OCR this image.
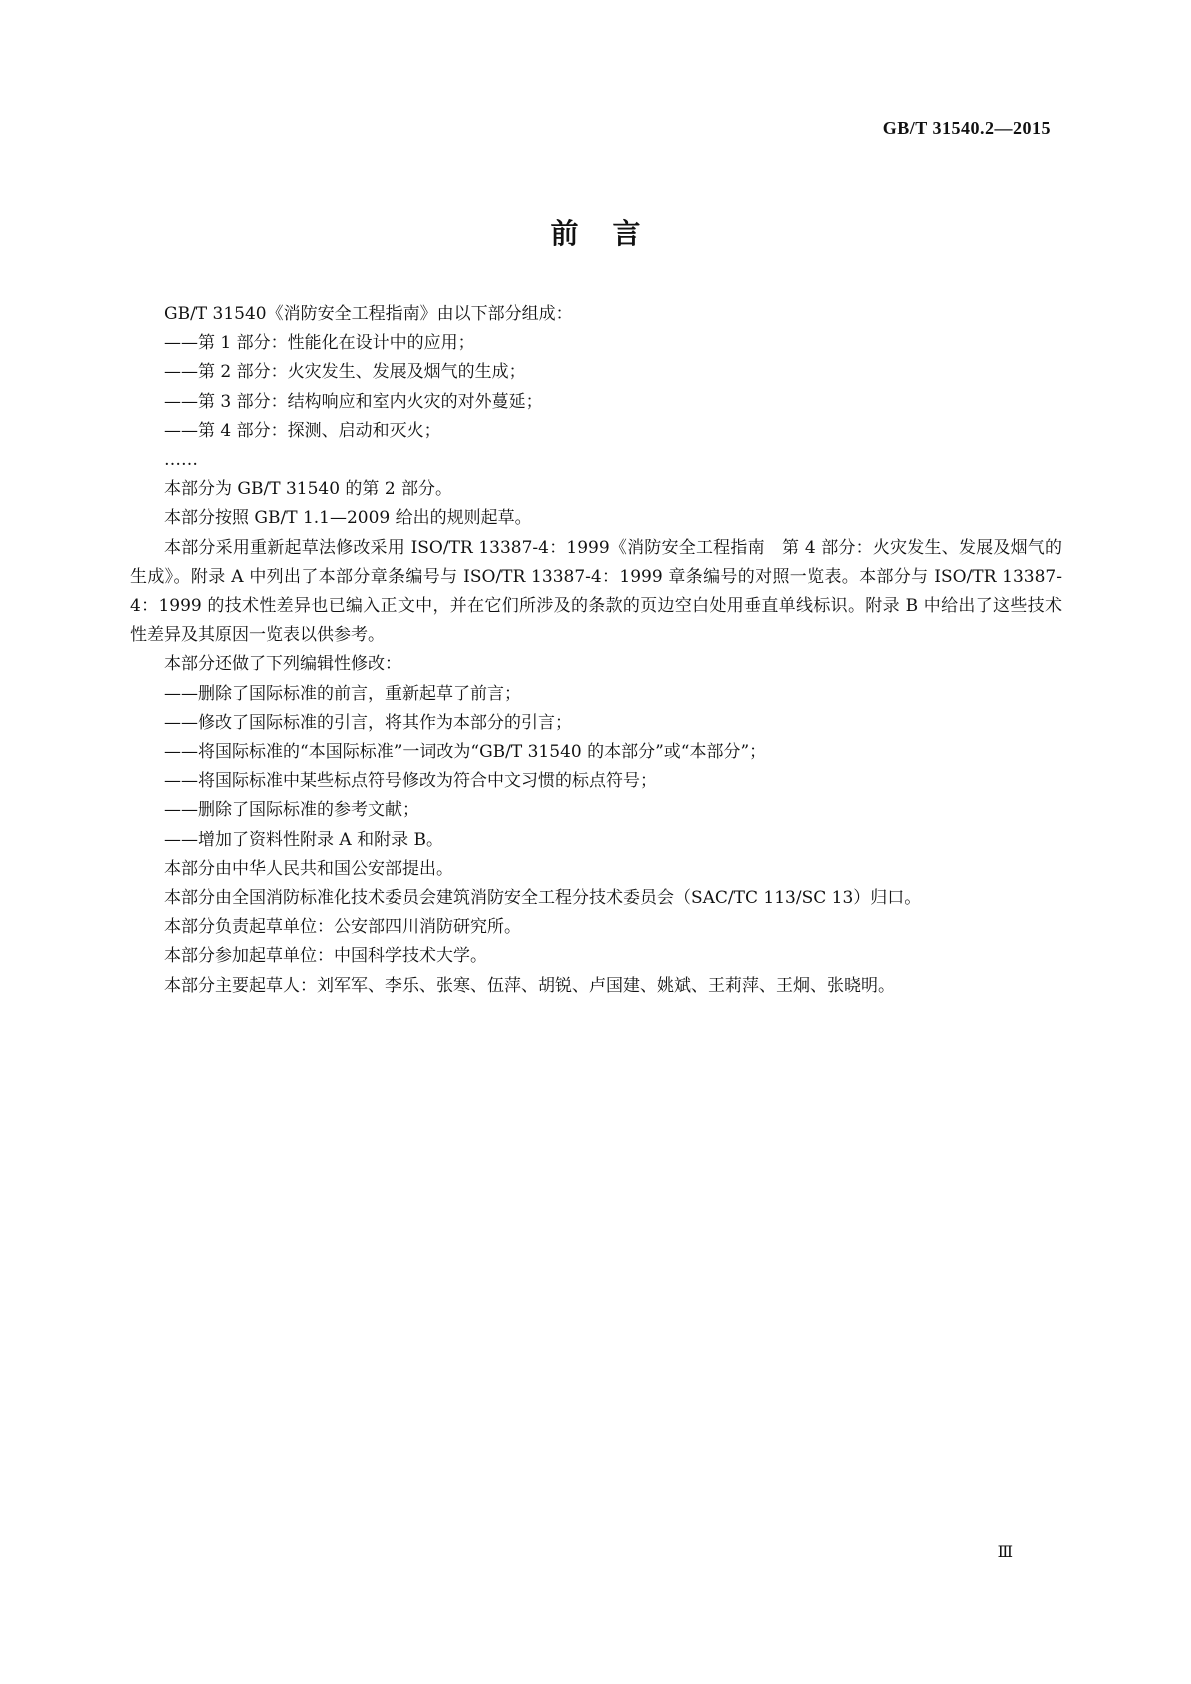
GB/T 31540.2—2015
前言

GB/T 31540《消防安全工程指南》由以下部分组成：

——第 1 部分：性能化在设计中的应用；

——第 2 部分：火灾发生、发展及烟气的生成；

——第 3 部分：结构响应和室内火灾的对外蔓延；

——第 4 部分：探测、启动和灭火；

……

本部分为 GB/T 31540 的第 2 部分。

本部分按照 GB/T 1.1—2009 给出的规则起草。

本部分采用重新起草法修改采用 ISO/TR 13387-4：1999《消防安全工程指南　第 4 部分：火灾发生、发展及烟气的生成》。附录 A 中列出了本部分章条编号与 ISO/TR 13387-4：1999 章条编号的对照一览表。本部分与 ISO/TR 13387-4：1999 的技术性差异也已编入正文中，并在它们所涉及的条款的页边空白处用垂直单线标识。附录 B 中给出了这些技术性差异及其原因一览表以供参考。

本部分还做了下列编辑性修改：

——删除了国际标准的前言，重新起草了前言；

——修改了国际标准的引言，将其作为本部分的引言；

——将国际标准的“本国际标准”一词改为“GB/T 31540 的本部分”或“本部分”；

——将国际标准中某些标点符号修改为符合中文习惯的标点符号；

——删除了国际标准的参考文献；

——增加了资料性附录 A 和附录 B。

本部分由中华人民共和国公安部提出。

本部分由全国消防标准化技术委员会建筑消防安全工程分技术委员会（SAC/TC 113/SC 13）归口。

本部分负责起草单位：公安部四川消防研究所。

本部分参加起草单位：中国科学技术大学。

本部分主要起草人：刘军军、李乐、张寒、伍萍、胡锐、卢国建、姚斌、王莉萍、王炯、张晓明。

Ⅲ
